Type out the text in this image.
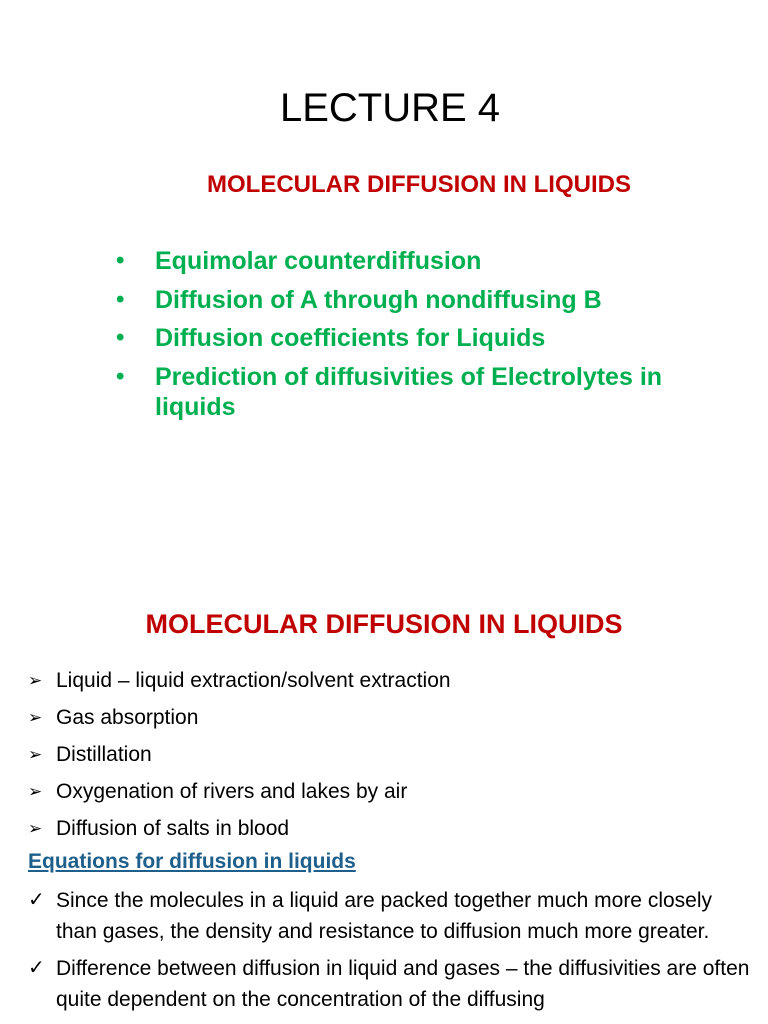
LECTURE 4
MOLECULAR DIFFUSION IN LIQUIDS
• Equimolar counterdiffusion
• Diffusion of A through nondiffusing B
• Diffusion coefficients for Liquids
• Prediction of diffusivities of Electrolytes in liquids
MOLECULAR DIFFUSION IN LIQUIDS
➢ Liquid – liquid extraction/solvent extraction
➢ Gas absorption
➢ Distillation
➢ Oxygenation of rivers and lakes by air
➢ Diffusion of salts in blood
Equations for diffusion in liquids
✓ Since the molecules in a liquid are packed together much more closely than gases, the density and resistance to diffusion much more greater.
✓ Difference between diffusion in liquid and gases – the diffusivities are often quite dependent on the concentration of the diffusing
